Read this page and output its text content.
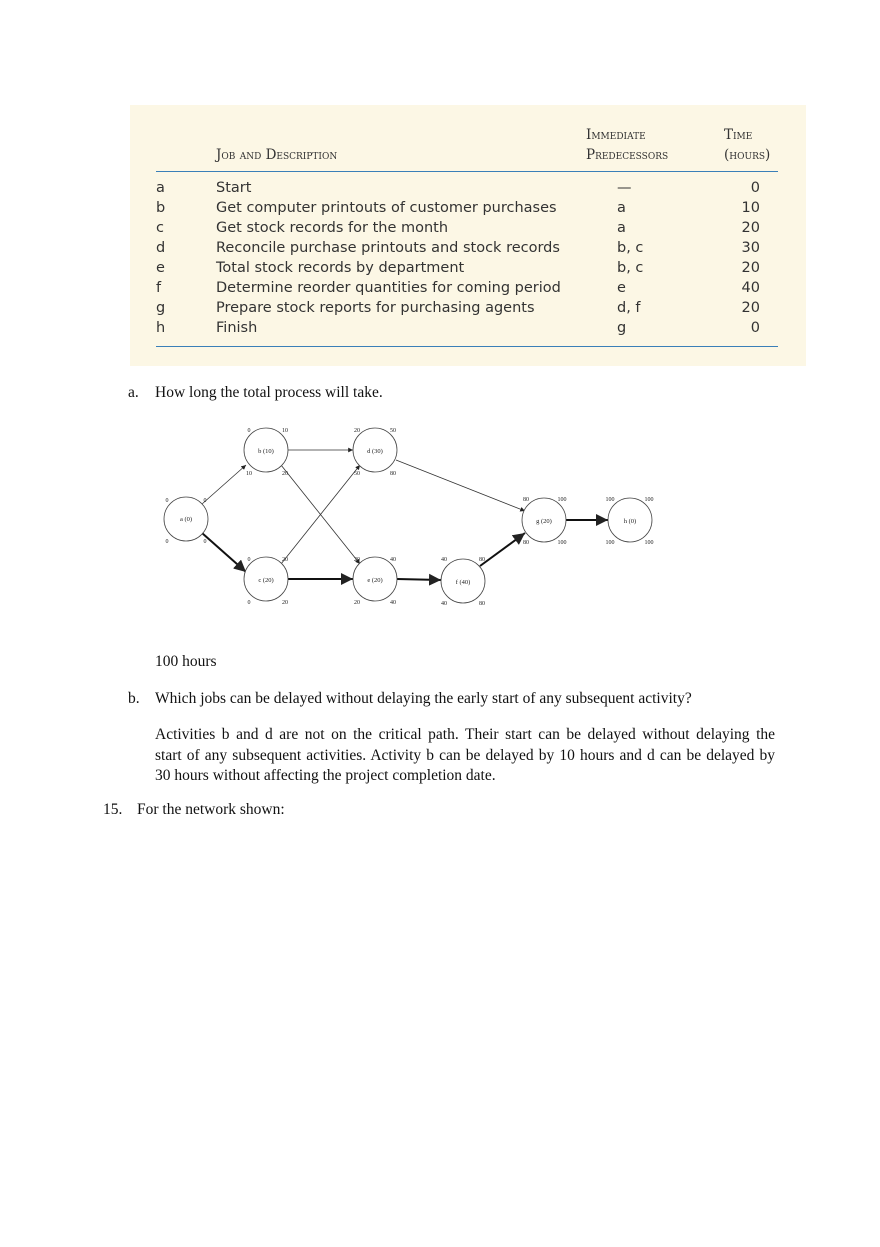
Job and Description
Immediate
Predecessors
Time
(hours)
a	Start	—	0
b	Get computer printouts of customer purchases	a	10
c	Get stock records for the month	a	20
d	Reconcile purchase printouts and stock records	b, c	30
e	Total stock records by department	b, c	20
f	Determine reorder quantities for coming period	e	40
g	Prepare stock reports for purchasing agents	d, f	20
h	Finish	g	0
a. How long the total process will take.
a (0)
0	0
0	0
b (10)
0	10
10	20
c (20)
0	20
0	20
d (30)
20	50
50	80
e (20)
20	40
20	40
f (40)
40	80
40	80
g (20)
80	100
80	100
h (0)
100	100
100	100
100 hours
b. Which jobs can be delayed without delaying the early start of any subsequent activity?
Activities b and d are not on the critical path. Their start can be delayed without delaying the
start of any subsequent activities. Activity b can be delayed by 10 hours and d can be delayed by
30 hours without affecting the project completion date.
15. For the network shown:
